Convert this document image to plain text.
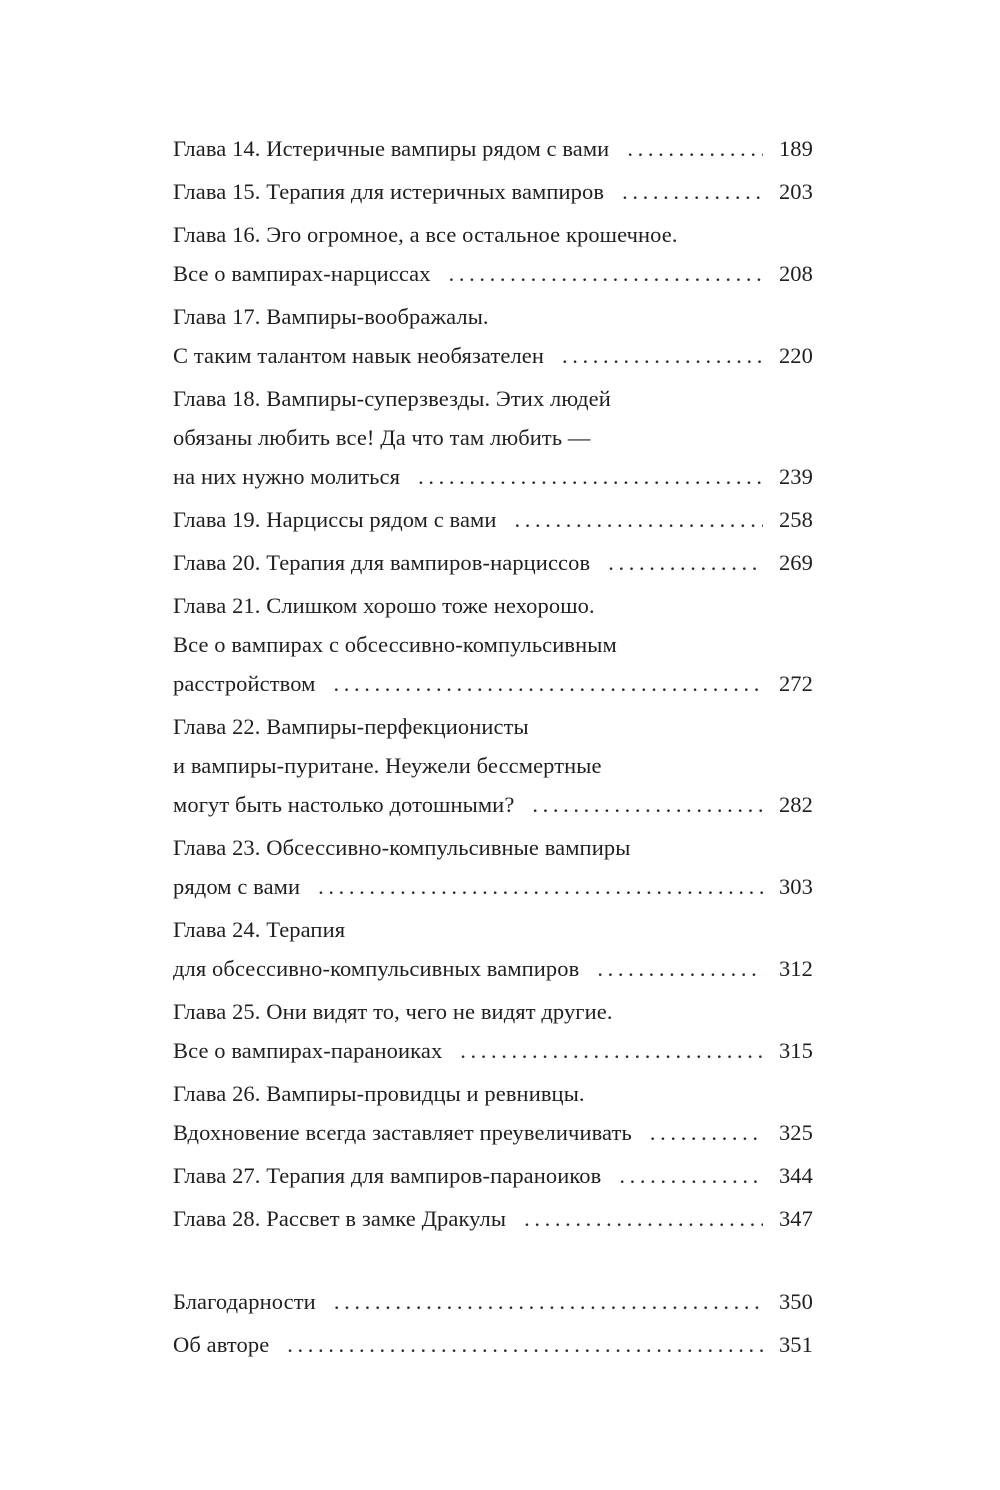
Глава 14. Истеричные вампиры рядом с вами . . .	189
Глава 15. Терапия для истеричных вампиров . . .	203
Глава 16. Эго огромное, а все остальное крошечное.
Все о вампирах-нарциссах . . .	208
Глава 17. Вампиры-воображалы.
С таким талантом навык необязателен . . .	220
Глава 18. Вампиры-суперзвезды. Этих людей
обязаны любить все! Да что там любить —
на них нужно молиться . . .	239
Глава 19. Нарциссы рядом с вами . . .	258
Глава 20. Терапия для вампиров-нарциссов . . .	269
Глава 21. Слишком хорошо тоже нехорошо.
Все о вампирах с обсессивно-компульсивным
расстройством . . .	272
Глава 22. Вампиры-перфекционисты
и вампиры-пуритане. Неужели бессмертные
могут быть настолько дотошными? . . .	282
Глава 23. Обсессивно-компульсивные вампиры
рядом с вами . . .	303
Глава 24. Терапия
для обсессивно-компульсивных вампиров . . .	312
Глава 25. Они видят то, чего не видят другие.
Все о вампирах-параноиках . . .	315
Глава 26. Вампиры-провидцы и ревнивцы.
Вдохновение всегда заставляет преувеличивать . . .	325
Глава 27. Терапия для вампиров-параноиков . . .	344
Глава 28. Рассвет в замке Дракулы . . .	347
Благодарности . . .	350
Об авторе . . .	351
